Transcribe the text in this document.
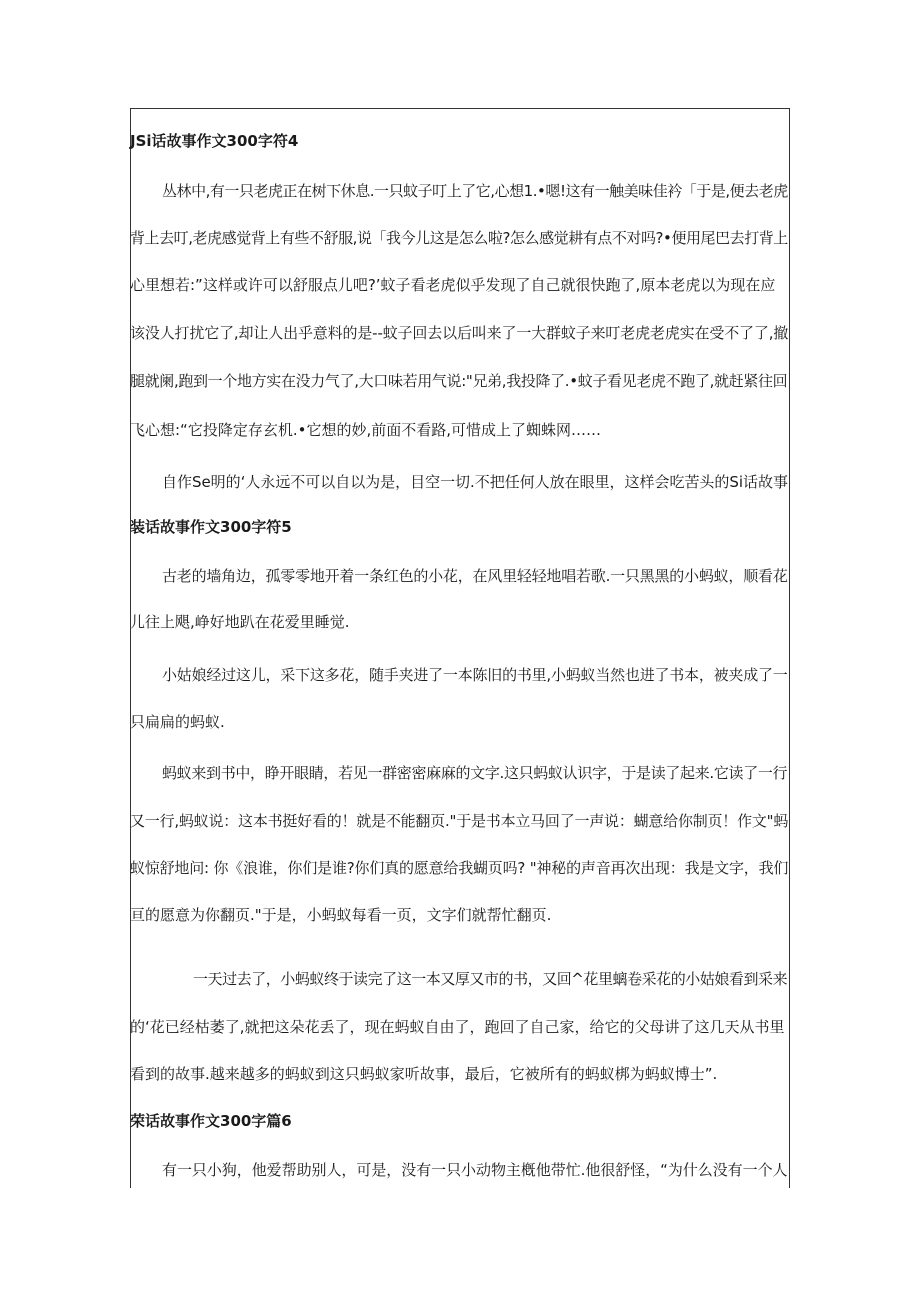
JSi话故事作文300字符4
丛林中,有一只老虎正在树下休息.一只蚊子叮上了它,心想1.•嗯!这有一触美味佳衿「于是,便去老虎
背上去叮,老虎感觉背上有些不舒服,说「我今儿这是怎么啦?怎么感觉耕有点不对吗?•便用尾巴去打背上
心里想若:”这样或许可以舒服点儿吧?’蚊子看老虎似乎发现了自己就很快跑了,原本老虎以为现在应
该没人打扰它了,却让人出乎意料的是--蚊子回去以后叫来了一大群蚊子来叮老虎老虎实在受不了了,撤
腿就阑,跑到一个地方实在没力气了,大口味若用气说:"兄弟,我投降了.•蚊子看见老虎不跑了,就赶紧往回
飞心想:“它投降定存玄机.•它想的妙,前面不看路,可惜成上了蜘蛛网……
自作Se明的‘人永远不可以自以为是，目空一切.不把任何人放在眼里，这样会吃苦头的Si话故事
装话故事作文300字符5
古老的墙角边，孤零零地开着一条红色的小花，在风里轻轻地唱若歌.一只黑黑的小蚂蚁，顺看花
儿往上飓,峥好地趴在花爱里睡觉.
小姑娘经过这儿，采下这多花，随手夹进了一本陈旧的书里,小蚂蚁当然也进了书本，被夹成了一
只扁扁的蚂蚁.
蚂蚁来到书中，睁开眼睛，若见一群密密麻麻的文字.这只蚂蚁认识字，于是读了起来.它读了一行
又一行,蚂蚁说：这本书挺好看的！就是不能翻页."于是书本立马回了一声说：蝴意给你制页！作文"蚂
蚁惊舒地问: 你《浪谁，你们是谁?你们真的愿意给我蝴页吗? "神秘的声音再次出现：我是文字，我们
亘的愿意为你翻页."于是，小蚂蚁每看一页，文字们就帮忙翻页.
一天过去了，小蚂蚁终于读完了这一本又厚又市的书，又回^花里螭卷采花的小姑娘看到采来
的‘花已经枯萎了,就把这朵花丢了，现在蚂蚁自由了，跑回了自己家，给它的父母讲了这几天从书里
看到的故事.越来越多的蚂蚁到这只蚂蚁家听故事，最后，它被所有的蚂蚁梆为蚂蚁博士”.
荣话故事作文300字篇6
有一只小狗，他爱帮助别人，可是，没有一只小动物主槪他带忙.他很舒怪，“为什么没有一个人
